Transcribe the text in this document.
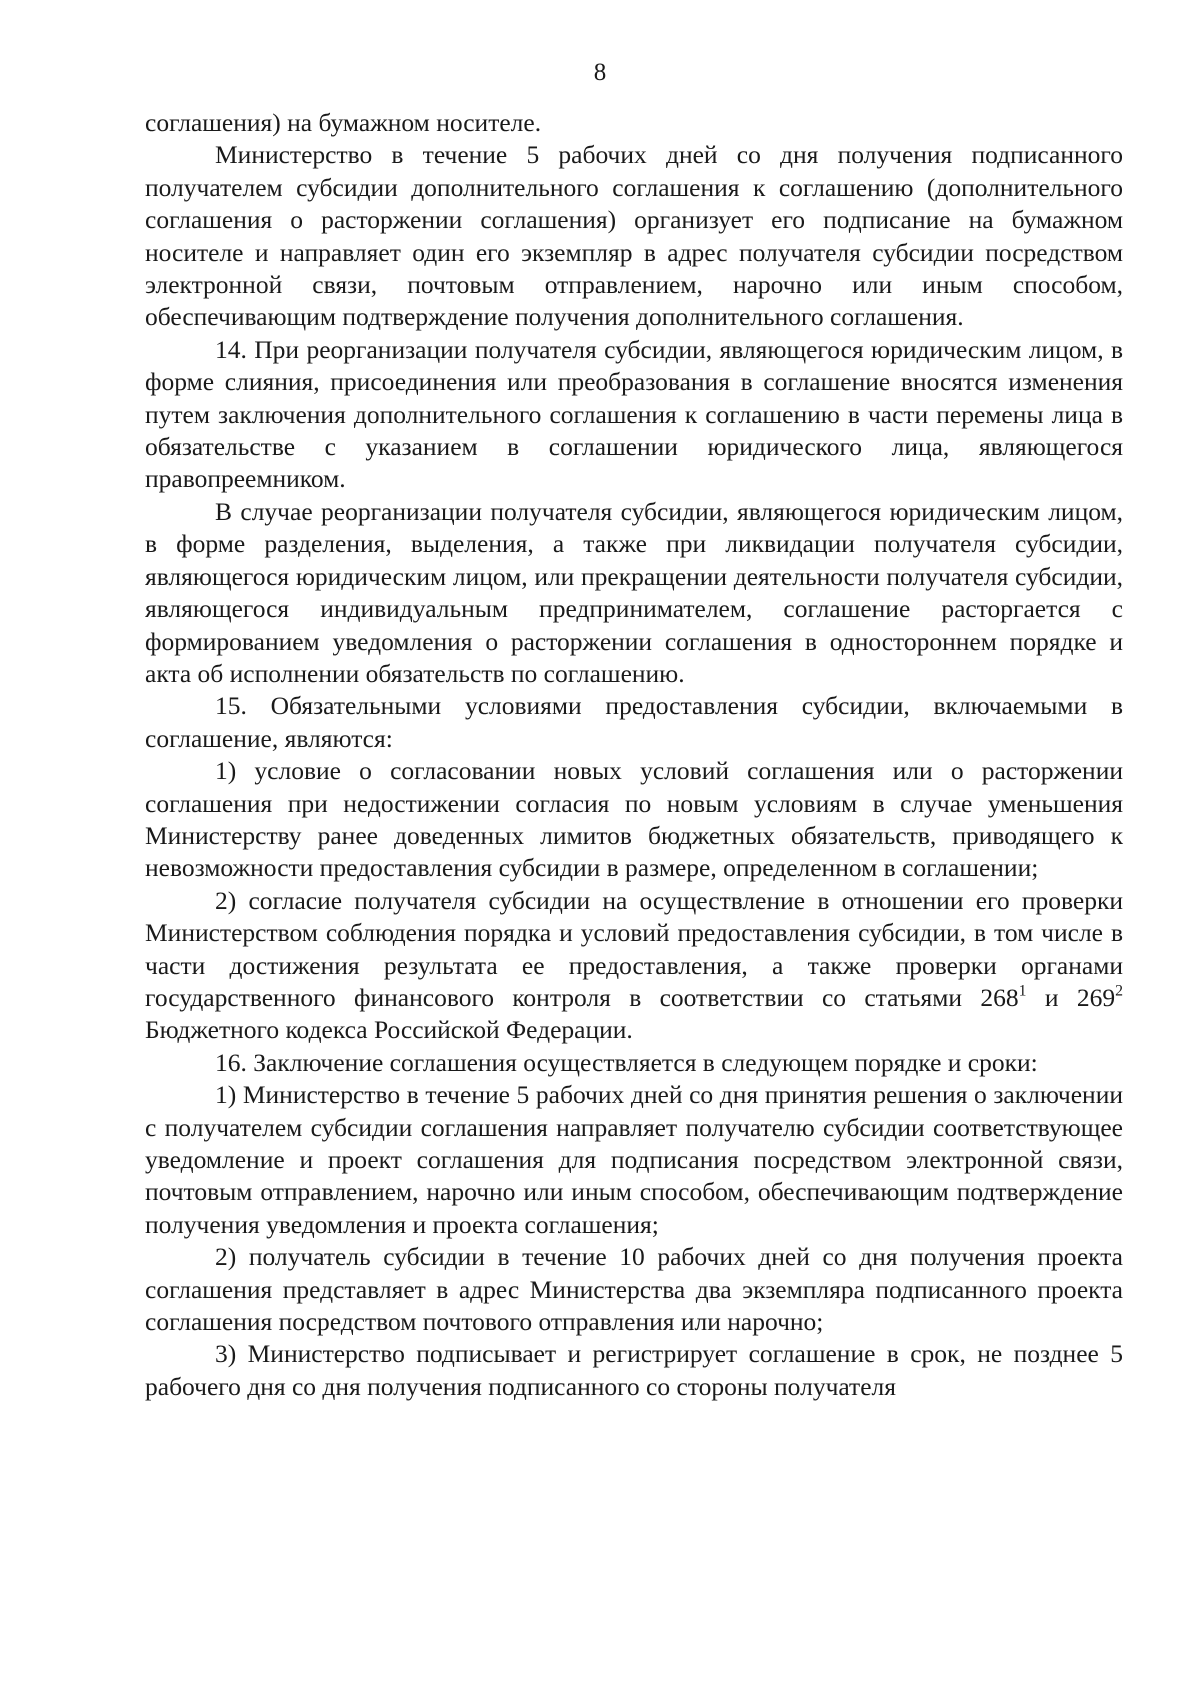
8

соглашения) на бумажном носителе.

Министерство в течение 5 рабочих дней со дня получения подписанного получателем субсидии дополнительного соглашения к соглашению (дополнительного соглашения о расторжении соглашения) организует его подписание на бумажном носителе и направляет один его экземпляр в адрес получателя субсидии посредством электронной связи, почтовым отправлением, нарочно или иным способом, обеспечивающим подтверждение получения дополнительного соглашения.

14. При реорганизации получателя субсидии, являющегося юридическим лицом, в форме слияния, присоединения или преобразования в соглашение вносятся изменения путем заключения дополнительного соглашения к соглашению в части перемены лица в обязательстве с указанием в соглашении юридического лица, являющегося правопреемником.

В случае реорганизации получателя субсидии, являющегося юридическим лицом, в форме разделения, выделения, а также при ликвидации получателя субсидии, являющегося юридическим лицом, или прекращении деятельности получателя субсидии, являющегося индивидуальным предпринимателем, соглашение расторгается с формированием уведомления о расторжении соглашения в одностороннем порядке и акта об исполнении обязательств по соглашению.

15. Обязательными условиями предоставления субсидии, включаемыми в соглашение, являются:

1) условие о согласовании новых условий соглашения или о расторжении соглашения при недостижении согласия по новым условиям в случае уменьшения Министерству ранее доведенных лимитов бюджетных обязательств, приводящего к невозможности предоставления субсидии в размере, определенном в соглашении;

2) согласие получателя субсидии на осуществление в отношении его проверки Министерством соблюдения порядка и условий предоставления субсидии, в том числе в части достижения результата ее предоставления, а также проверки органами государственного финансового контроля в соответствии со статьями $268^1$ и $269^2$ Бюджетного кодекса Российской Федерации.

16. Заключение соглашения осуществляется в следующем порядке и сроки:

1) Министерство в течение 5 рабочих дней со дня принятия решения о заключении с получателем субсидии соглашения направляет получателю субсидии соответствующее уведомление и проект соглашения для подписания посредством электронной связи, почтовым отправлением, нарочно или иным способом, обеспечивающим подтверждение получения уведомления и проекта соглашения;

2) получатель субсидии в течение 10 рабочих дней со дня получения проекта соглашения представляет в адрес Министерства два экземпляра подписанного проекта соглашения посредством почтового отправления или нарочно;

3) Министерство подписывает и регистрирует соглашение в срок, не позднее 5 рабочего дня со дня получения подписанного со стороны получателя
